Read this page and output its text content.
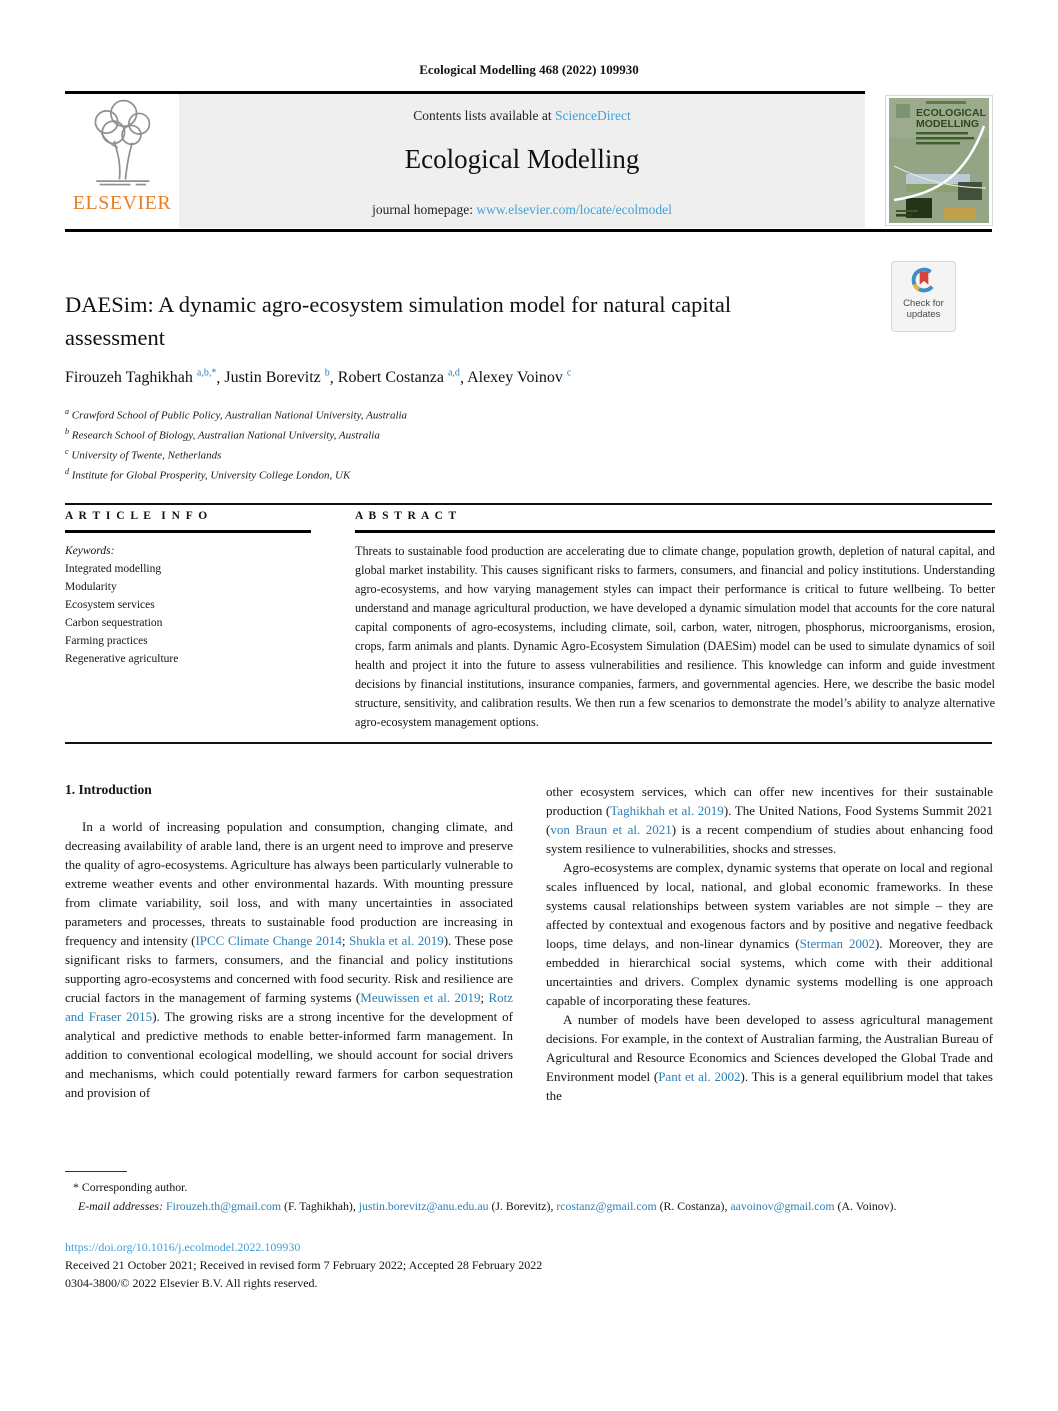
Ecological Modelling 468 (2022) 109930
ELSEVIER
Contents lists available at ScienceDirect
Ecological Modelling
journal homepage: www.elsevier.com/locate/ecolmodel
ECOLOGICAL
MODELLING
Check for
updates
DAESim: A dynamic agro-ecosystem simulation model for natural capital assessment
Firouzeh Taghikhah $^{a,b,*}$, Justin Borevitz $^b$, Robert Costanza $^{a,d}$, Alexey Voinov $^c$
$^a$ Crawford School of Public Policy, Australian National University, Australia
$^b$ Research School of Biology, Australian National University, Australia
$^c$ University of Twente, Netherlands
$^d$ Institute for Global Prosperity, University College London, UK
A R T I C L E  I N F O
Keywords:
Integrated modelling
Modularity
Ecosystem services
Carbon sequestration
Farming practices
Regenerative agriculture
A B S T R A C T
Threats to sustainable food production are accelerating due to climate change, population growth, depletion of natural capital, and global market instability. This causes significant risks to farmers, consumers, and financial and policy institutions. Understanding agro-ecosystems, and how varying management styles can impact their performance is critical to future wellbeing. To better understand and manage agricultural production, we have developed a dynamic simulation model that accounts for the core natural capital components of agro-ecosystems, including climate, soil, carbon, water, nitrogen, phosphorus, microorganisms, erosion, crops, farm animals and plants. Dynamic Agro-Ecosystem Simulation (DAESim) model can be used to simulate dynamics of soil health and project it into the future to assess vulnerabilities and resilience. This knowledge can inform and guide investment decisions by financial institutions, insurance companies, farmers, and governmental agencies. Here, we describe the basic model structure, sensitivity, and calibration results. We then run a few scenarios to demonstrate the model’s ability to analyze alternative agro-ecosystem management options.

1. Introduction

In a world of increasing population and consumption, changing climate, and decreasing availability of arable land, there is an urgent need to improve and preserve the quality of agro-ecosystems. Agriculture has always been particularly vulnerable to extreme weather events and other environmental hazards. With mounting pressure from climate variability, soil loss, and with many uncertainties in associated parameters and processes, threats to sustainable food production are increasing in frequency and intensity (IPCC Climate Change 2014; Shukla et al. 2019). These pose significant risks to farmers, consumers, and the financial and policy institutions supporting agro-ecosystems and concerned with food security. Risk and resilience are crucial factors in the management of farming systems (Meuwissen et al. 2019; Rotz and Fraser 2015). The growing risks are a strong incentive for the development of analytical and predictive methods to enable better-informed farm management. In addition to conventional ecological modelling, we should account for social drivers and mechanisms, which could potentially reward farmers for carbon sequestration and provision of

other ecosystem services, which can offer new incentives for their sustainable production (Taghikhah et al. 2019). The United Nations, Food Systems Summit 2021 (von Braun et al. 2021) is a recent compendium of studies about enhancing food system resilience to vulnerabilities, shocks and stresses.

Agro-ecosystems are complex, dynamic systems that operate on local and regional scales influenced by local, national, and global economic frameworks. In these systems causal relationships between system variables are not simple – they are affected by contextual and exogenous factors and by positive and negative feedback loops, time delays, and non-linear dynamics (Sterman 2002). Moreover, they are embedded in hierarchical social systems, which come with their additional uncertainties and drivers. Complex dynamic systems modelling is one approach capable of incorporating these features.

A number of models have been developed to assess agricultural management decisions. For example, in the context of Australian farming, the Australian Bureau of Agricultural and Resource Economics and Sciences developed the Global Trade and Environment model (Pant et al. 2002). This is a general equilibrium model that takes the

* Corresponding author.
E-mail addresses: Firouzeh.th@gmail.com (F. Taghikhah), justin.borevitz@anu.edu.au (J. Borevitz), rcostanz@gmail.com (R. Costanza), aavoinov@gmail.com (A. Voinov).
https://doi.org/10.1016/j.ecolmodel.2022.109930
Received 21 October 2021; Received in revised form 7 February 2022; Accepted 28 February 2022
0304-3800/© 2022 Elsevier B.V. All rights reserved.
